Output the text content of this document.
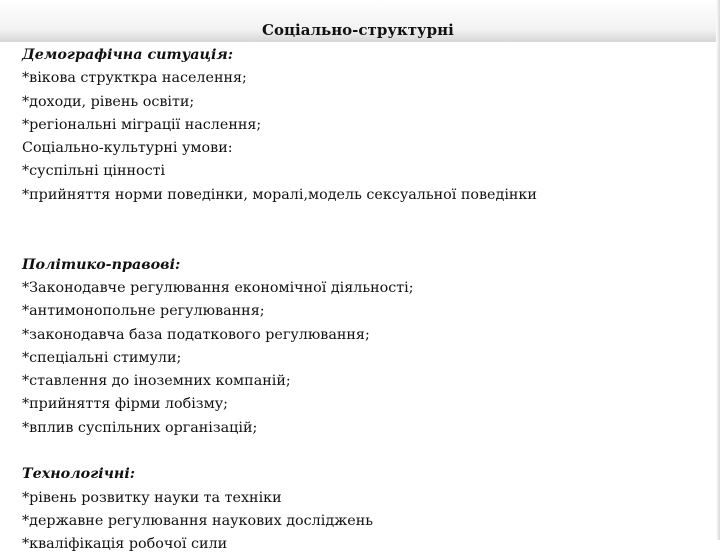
Соціально-структурні
Демографічна ситуація:
*вікова структкра населення;
*доходи, рівень освіти;
*регіональні міграції наслення;
Соціально-культурні умови:
*суспільні цінності
*прийняття норми поведінки, моралі,модель сексуальної поведінки
Політико-правові:
*Законодавче регулювання економічної діяльності;
*антимонопольне регулювання;
*законодавча база податкового регулювання;
*спеціальні стимули;
*ставлення до іноземних компаній;
*прийняття фірми лобізму;
*вплив суспільних організацій;
Технологічні:
*рівень розвитку науки та техніки
*державне регулювання наукових досліджень
*кваліфікація робочої сили
